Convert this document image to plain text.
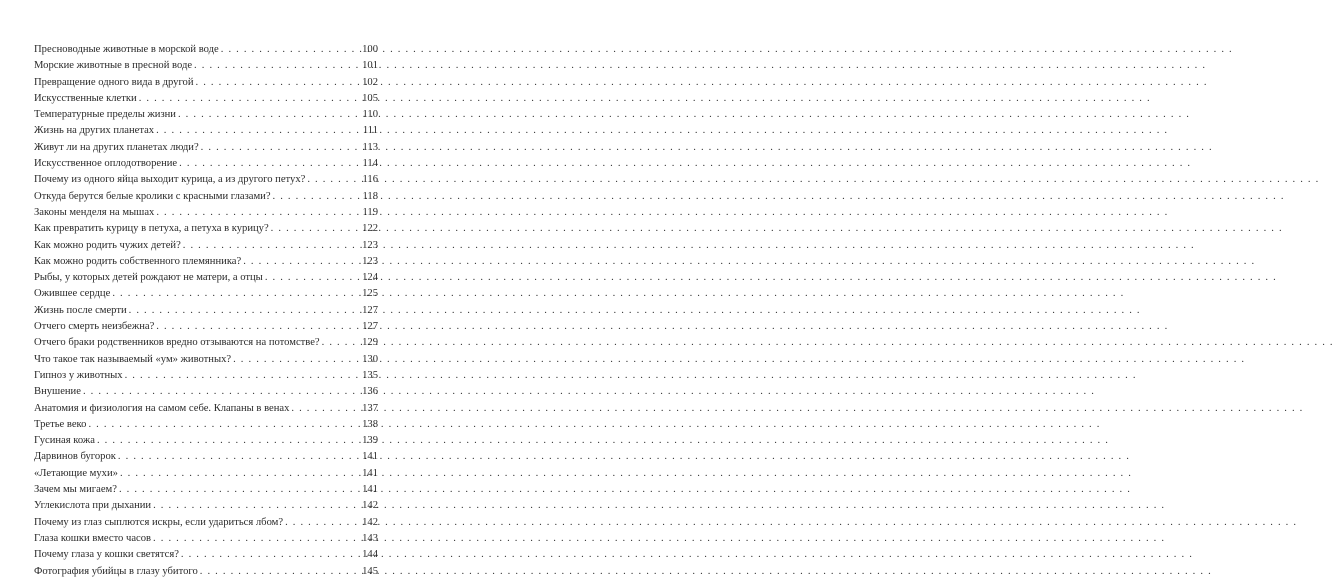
Пресноводные животные в морской воде . . .	100
Морские животные в пресной воде . . .	101
Превращение одного вида в другой . . .	102
Искусственные клетки . . .	105
Температурные пределы жизни . . .	110
Жизнь на других планетах . . .	111
Живут ли на других планетах люди? . . .	113
Искусственное оплодотворение . . .	114
Почему из одного яйца выходит курица, а из другого петух? . . .	116
Откуда берутся белые кролики с красными глазами? . . .	118
Законы менделя на мышах . . .	119
Как превратить курицу в петуха, а петуха в курицу? . . .	122
Как можно родить чужих детей? . . .	123
Как можно родить собственного племянника? . . .	123
Рыбы, у которых детей рождают не матери, а отцы . . .	124
Ожившее сердце . . .	125
Жизнь после смерти . . .	127
Отчего смерть неизбежна? . . .	127
Отчего браки родственников вредно отзываются на потомстве? . . .	129
Что такое так называемый «ум» животных? . . .	130
Гипноз у животных . . .	135
Внушение . . .	136
Анатомия и физиология на самом себе. Клапаны в венах . . .	137
Третье веко . . .	138
Гусиная кожа . . .	139
Дарвинов бугорок . . .	141
«Летающие мухи» . . .	141
Зачем мы мигаем? . . .	141
Углекислота при дыхании . . .	142
Почему из глаз сыплются искры, если удариться лбом? . . .	142
Глаза кошки вместо часов . . .	143
Почему глаза у кошки светятся? . . .	144
Фотография убийцы в глазу убитого . . .	145
